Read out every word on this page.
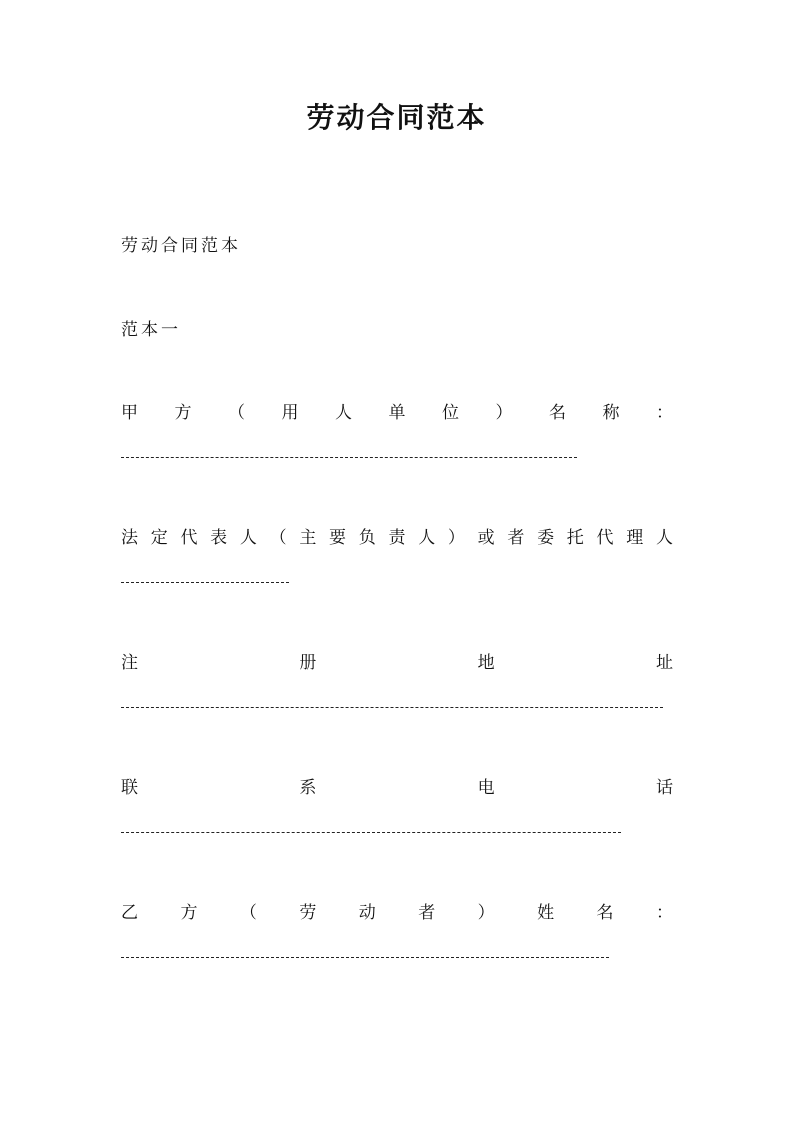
劳动合同范本
劳动合同范本
范本一
甲 方 （ 用 人 单 位 ） 名 称 ：
法 定 代 表 人 （ 主 要 负 责 人 ） 或 者 委 托 代 理 人
注	册	地	址
联	系	电	话
乙 方 （ 劳 动 者 ） 姓 名 ：
